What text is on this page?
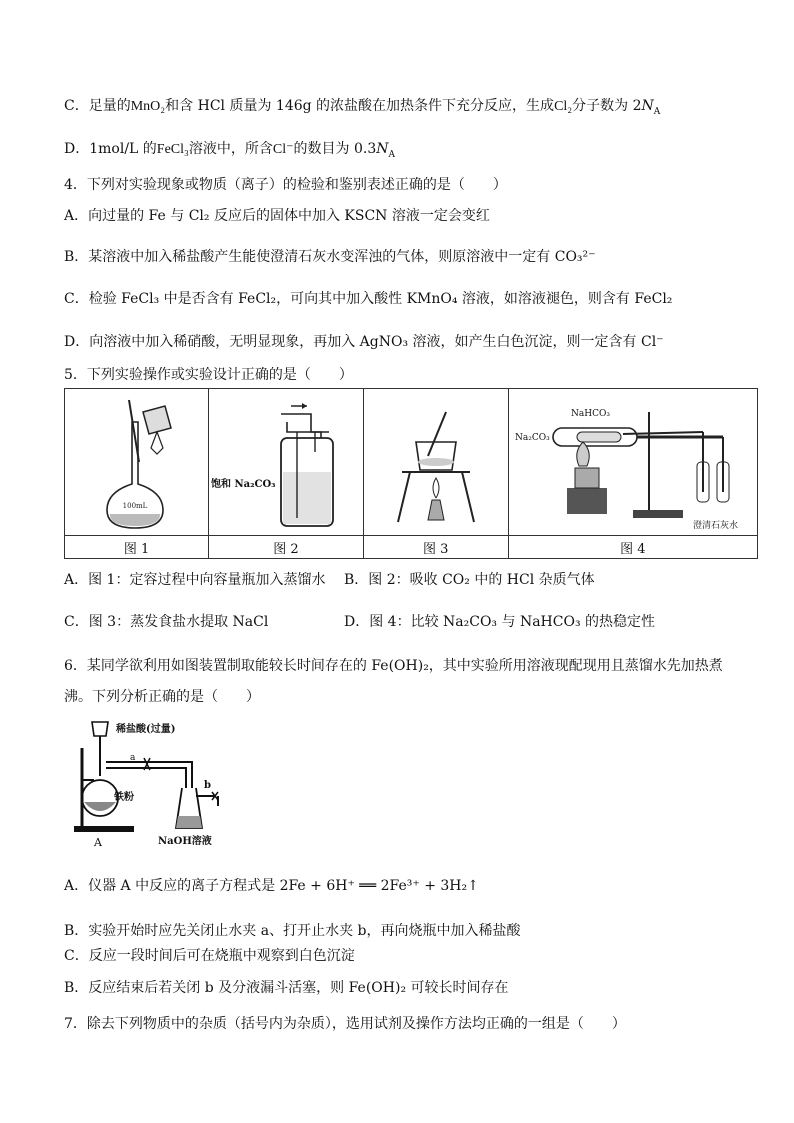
C．足量的MnO₂和含 HCl 质量为 146g 的浓盐酸在加热条件下充分反应，生成Cl₂分子数为 $2N_A$
D．1mol/L 的FeCl₃溶液中，所含Cl⁻的数目为 $0.3N_A$
4．下列对实验现象或物质（离子）的检验和鉴别表述正确的是（　　）
A．向过量的 Fe 与 Cl₂ 反应后的固体中加入 KSCN 溶液一定会变红
B．某溶液中加入稀盐酸产生能使澄清石灰水变浑浊的气体，则原溶液中一定有 CO₃²⁻
C．检验 FeCl₃ 中是否含有 FeCl₂，可向其中加入酸性 KMnO₄ 溶液，如溶液褪色，则含有 FeCl₂
D．向溶液中加入稀硝酸，无明显现象，再加入 AgNO₃ 溶液，如产生白色沉淀，则一定含有 Cl⁻
5．下列实验操作或实验设计正确的是（　　）
100mL	饱和 Na₂CO₃		NaHCO₃
Na₂CO₃
澄清石灰水

图 1	图 2	图 3	图 4
A．图 1：定容过程中向容量瓶加入蒸馏水 B．图 2：吸收 CO₂ 中的 HCl 杂质气体
C．图 3：蒸发食盐水提取 NaCl	D．图 4：比较 Na₂CO₃ 与 NaHCO₃ 的热稳定性
6．某同学欲利用如图装置制取能较长时间存在的 Fe(OH)₂，其中实验所用溶液现配现用且蒸馏水先加热煮
沸。下列分析正确的是（　　）
稀盐酸(过量)
a
铁粉
b
NaOH溶液
A
A．仪器 A 中反应的离子方程式是 2Fe + 6H⁺ ══ 2Fe³⁺ + 3H₂↑
B．实验开始时应先关闭止水夹 a、打开止水夹 b，再向烧瓶中加入稀盐酸
C．反应一段时间后可在烧瓶中观察到白色沉淀
B．反应结束后若关闭 b 及分液漏斗活塞，则 Fe(OH)₂ 可较长时间存在
7．除去下列物质中的杂质（括号内为杂质），选用试剂及操作方法均正确的一组是（　　）
